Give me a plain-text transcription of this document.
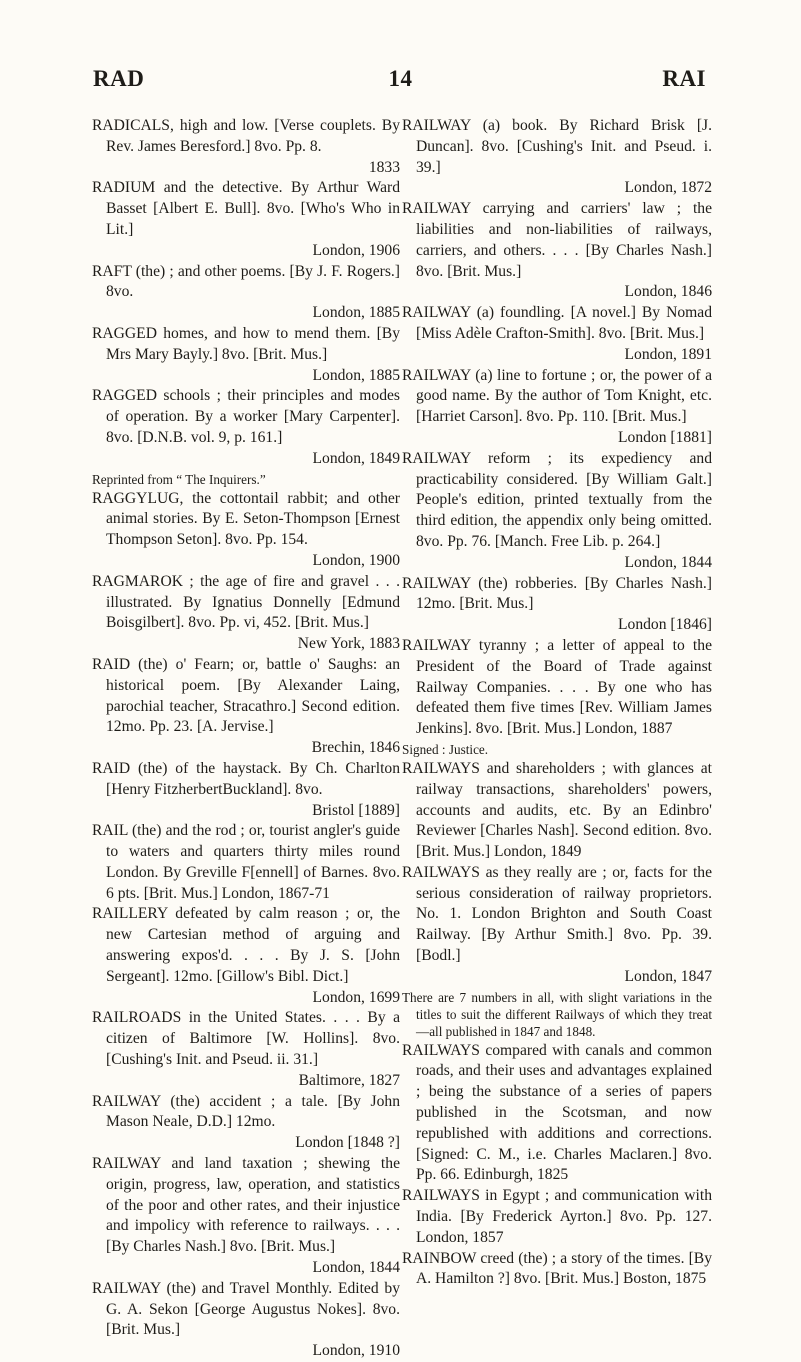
RAD	14	RAI
RADICALS, high and low. [Verse couplets. By Rev. James Beresford.] 8vo. Pp. 8.
1833
RADIUM and the detective. By Arthur Ward Basset [Albert E. Bull]. 8vo. [Who's Who in Lit.]
London, 1906
RAFT (the) ; and other poems. [By J. F. Rogers.] 8vo.
London, 1885
RAGGED homes, and how to mend them. [By Mrs Mary Bayly.] 8vo. [Brit. Mus.]
London, 1885
RAGGED schools ; their principles and modes of operation. By a worker [Mary Carpenter]. 8vo. [D.N.B. vol. 9, p. 161.]
London, 1849
Reprinted from “ The Inquirers.”
RAGGYLUG, the cottontail rabbit; and other animal stories. By E. Seton-Thompson [Ernest Thompson Seton]. 8vo. Pp. 154.
London, 1900
RAGMAROK ; the age of fire and gravel . . . illustrated. By Ignatius Donnelly [Edmund Boisgilbert]. 8vo. Pp. vi, 452. [Brit. Mus.]
New York, 1883
RAID (the) o' Fearn; or, battle o' Saughs: an historical poem. [By Alexander Laing, parochial teacher, Stracathro.] Second edition. 12mo. Pp. 23. [A. Jervise.]
Brechin, 1846
RAID (the) of the haystack. By Ch. Charlton [Henry FitzherbertBuckland]. 8vo.
Bristol [1889]
RAIL (the) and the rod ; or, tourist angler's guide to waters and quarters thirty miles round London. By Greville F[ennell] of Barnes. 8vo. 6 pts. [Brit. Mus.] London, 1867-71
RAILLERY defeated by calm reason ; or, the new Cartesian method of arguing and answering expos'd. . . . By J. S. [John Sergeant]. 12mo. [Gillow's Bibl. Dict.]
London, 1699
RAILROADS in the United States. . . . By a citizen of Baltimore [W. Hollins]. 8vo. [Cushing's Init. and Pseud. ii. 31.]
Baltimore, 1827
RAILWAY (the) accident ; a tale. [By John Mason Neale, D.D.] 12mo.
London [1848 ?]
RAILWAY and land taxation ; shewing the origin, progress, law, operation, and statistics of the poor and other rates, and their injustice and impolicy with reference to railways. . . . [By Charles Nash.] 8vo. [Brit. Mus.]
London, 1844
RAILWAY (the) and Travel Monthly. Edited by G. A. Sekon [George Augustus Nokes]. 8vo. [Brit. Mus.]
London, 1910
RAILWAY (a) book. By Richard Brisk [J. Duncan]. 8vo. [Cushing's Init. and Pseud. i. 39.]
London, 1872
RAILWAY carrying and carriers' law ; the liabilities and non-liabilities of railways, carriers, and others. . . . [By Charles Nash.] 8vo. [Brit. Mus.]
London, 1846
RAILWAY (a) foundling. [A novel.] By Nomad [Miss Adèle Crafton-Smith]. 8vo. [Brit. Mus.]
London, 1891
RAILWAY (a) line to fortune ; or, the power of a good name. By the author of Tom Knight, etc. [Harriet Carson]. 8vo. Pp. 110. [Brit. Mus.]
London [1881]
RAILWAY reform ; its expediency and practicability considered. [By William Galt.] People's edition, printed textually from the third edition, the appendix only being omitted. 8vo. Pp. 76. [Manch. Free Lib. p. 264.]
London, 1844
RAILWAY (the) robberies. [By Charles Nash.] 12mo. [Brit. Mus.]
London [1846]
RAILWAY tyranny ; a letter of appeal to the President of the Board of Trade against Railway Companies. . . . By one who has defeated them five times [Rev. William James Jenkins]. 8vo. [Brit. Mus.] London, 1887
Signed : Justice.
RAILWAYS and shareholders ; with glances at railway transactions, shareholders' powers, accounts and audits, etc. By an Edinbro' Reviewer [Charles Nash]. Second edition. 8vo. [Brit. Mus.] London, 1849
RAILWAYS as they really are ; or, facts for the serious consideration of railway proprietors. No. 1. London Brighton and South Coast Railway. [By Arthur Smith.] 8vo. Pp. 39. [Bodl.]
London, 1847
There are 7 numbers in all, with slight variations in the titles to suit the different Railways of which they treat—all published in 1847 and 1848.
RAILWAYS compared with canals and common roads, and their uses and advantages explained ; being the substance of a series of papers published in the Scotsman, and now republished with additions and corrections. [Signed: C. M., i.e. Charles Maclaren.] 8vo. Pp. 66. Edinburgh, 1825
RAILWAYS in Egypt ; and communication with India. [By Frederick Ayrton.] 8vo. Pp. 127. London, 1857
RAINBOW creed (the) ; a story of the times. [By A. Hamilton ?] 8vo. [Brit. Mus.] Boston, 1875
